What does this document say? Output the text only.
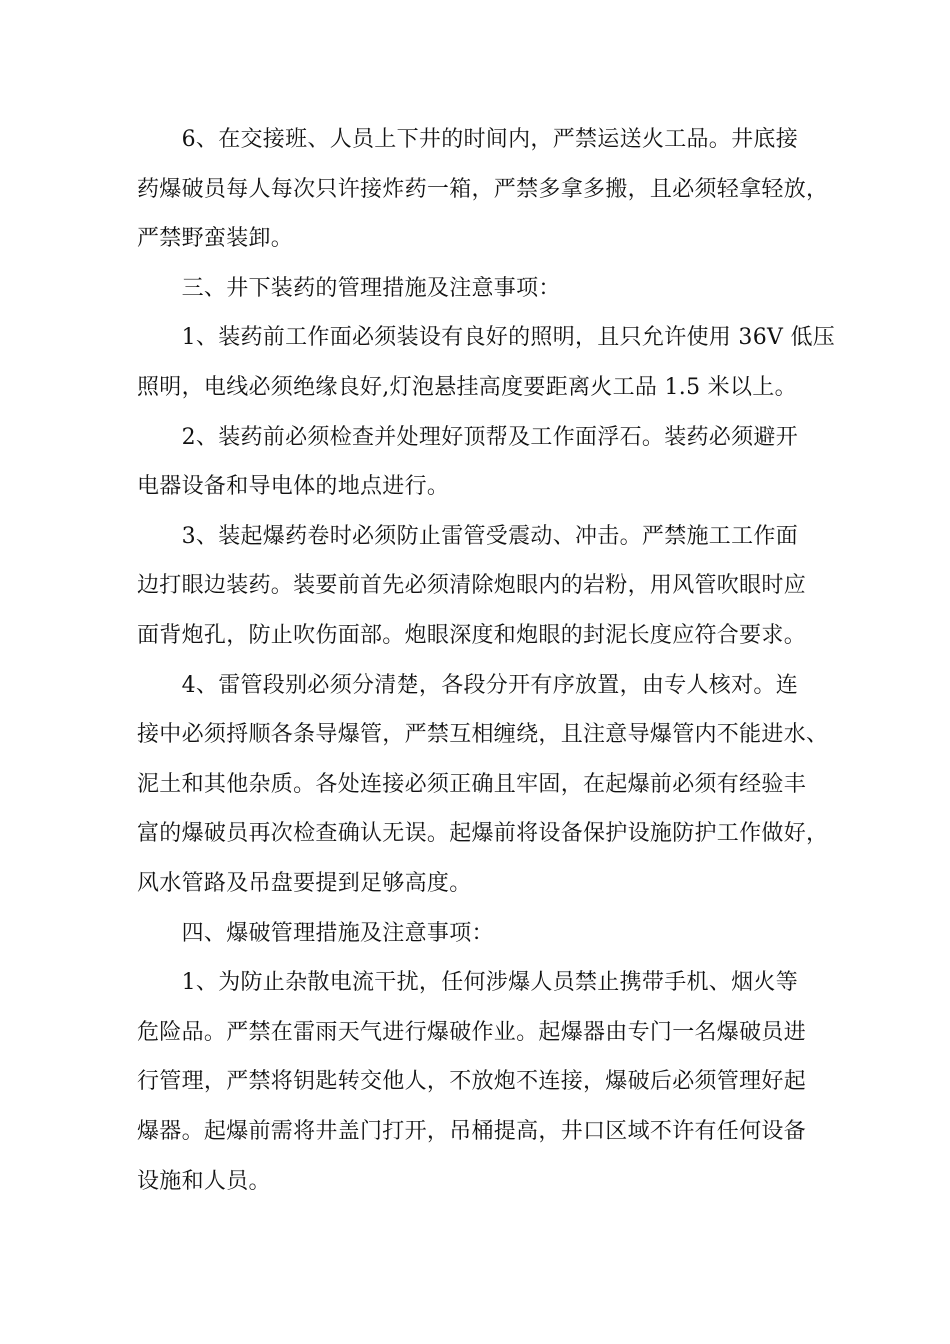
　　6、在交接班、人员上下井的时间内，严禁运送火工品。井底接
药爆破员每人每次只许接炸药一箱，严禁多拿多搬，且必须轻拿轻放，
严禁野蛮装卸。
　　三、井下装药的管理措施及注意事项：
　　1、装药前工作面必须装设有良好的照明，且只允许使用 36V 低压
照明，电线必须绝缘良好,灯泡悬挂高度要距离火工品 1.5 米以上。
　　2、装药前必须检查并处理好顶帮及工作面浮石。装药必须避开
电器设备和导电体的地点进行。
　　3、装起爆药卷时必须防止雷管受震动、冲击。严禁施工工作面
边打眼边装药。装要前首先必须清除炮眼内的岩粉，用风管吹眼时应
面背炮孔，防止吹伤面部。炮眼深度和炮眼的封泥长度应符合要求。
　　4、雷管段别必须分清楚，各段分开有序放置，由专人核对。连
接中必须捋顺各条导爆管，严禁互相缠绕，且注意导爆管内不能进水、
泥土和其他杂质。各处连接必须正确且牢固，在起爆前必须有经验丰
富的爆破员再次检查确认无误。起爆前将设备保护设施防护工作做好，
风水管路及吊盘要提到足够高度。
　　四、爆破管理措施及注意事项：
　　1、为防止杂散电流干扰，任何涉爆人员禁止携带手机、烟火等
危险品。严禁在雷雨天气进行爆破作业。起爆器由专门一名爆破员进
行管理，严禁将钥匙转交他人，不放炮不连接，爆破后必须管理好起
爆器。起爆前需将井盖门打开，吊桶提高，井口区域不许有任何设备
设施和人员。
